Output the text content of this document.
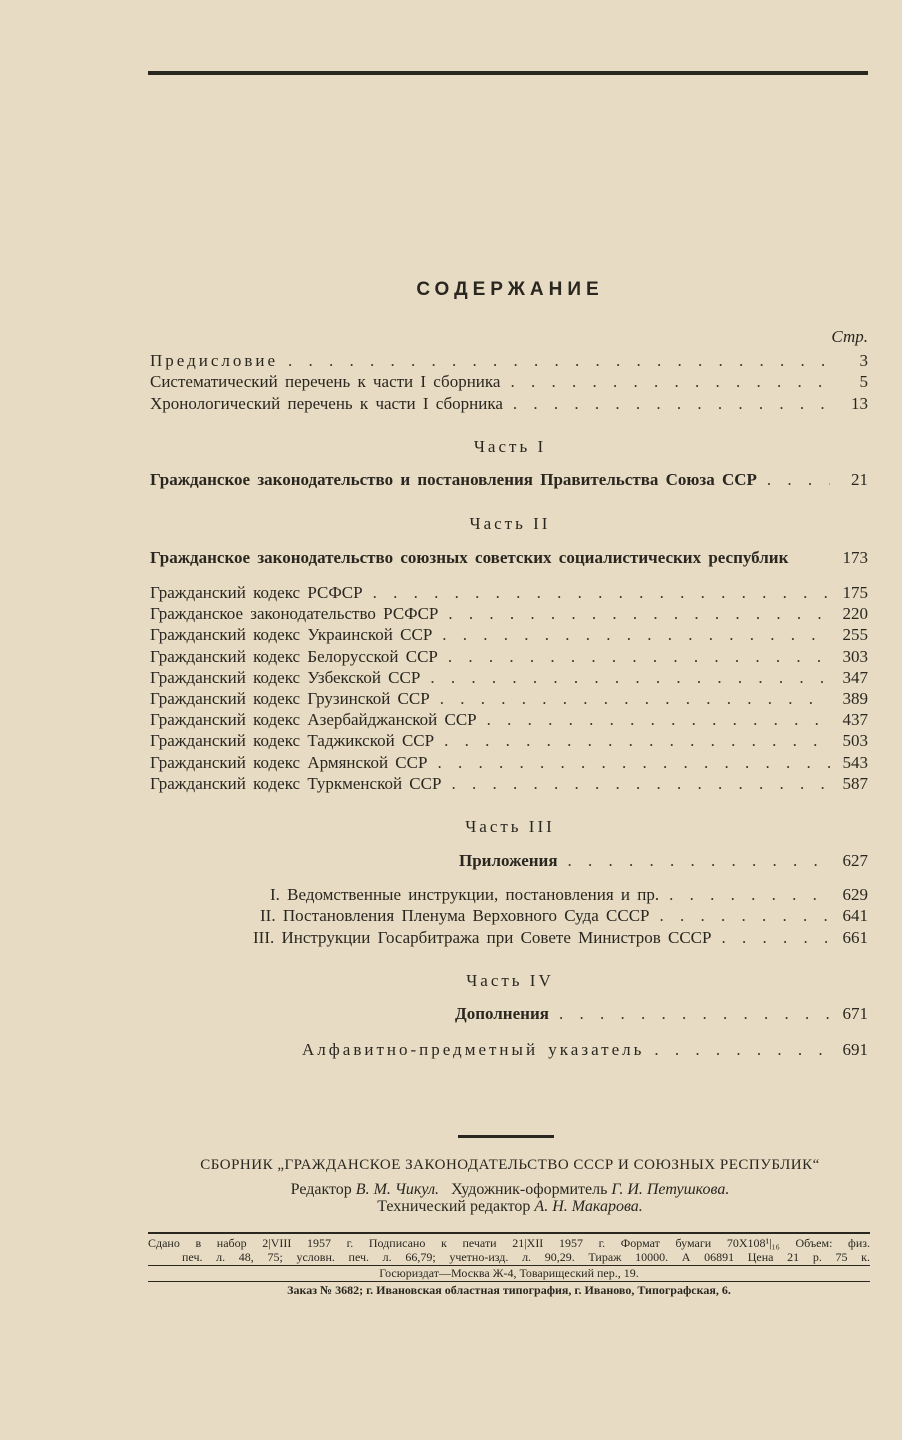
СОДЕРЖАНИЕ
Стр.
Предисловие . . .	3
Систематический перечень к части I сборника . . .	5
Хронологический перечень к части I сборника . . .	13
Часть I
Гражданское законодательство и постановления Правительства Союза ССР . . .	21
Часть II
Гражданское законодательство союзных советских социалистических республик	173
Гражданский кодекс РСФСР . . .	175
Гражданское законодательство РСФСР . . .	220
Гражданский кодекс Украинской ССР . . .	255
Гражданский кодекс Белорусской ССР . . .	303
Гражданский кодекс Узбекской ССР . . .	347
Гражданский кодекс Грузинской ССР . . .	389
Гражданский кодекс Азербайджанской ССР . . .	437
Гражданский кодекс Таджикской ССР . . .	503
Гражданский кодекс Армянской ССР . . .	543
Гражданский кодекс Туркменской ССР . . .	587
Часть III
Приложения . . .	627
I. Ведомственные инструкции, постановления и пр. . . .	629
II. Постановления Пленума Верховного Суда СССР . . .	641
III. Инструкции Госарбитража при Совете Министров СССР . . .	661
Часть IV
Дополнения . . .	671
Алфавитно-предметный указатель . . .	691
СБОРНИК „ГРАЖДАНСКОЕ ЗАКОНОДАТЕЛЬСТВО СССР И СОЮЗНЫХ РЕСПУБЛИК“
Редактор В. М. Чикул. Художник-оформитель Г. И. Петушкова.
Технический редактор А. Н. Макарова.
Сдано в набор 2|VIII 1957 г. Подписано к печати 21|XII 1957 г. Формат бумаги 70Х108¹|₁₆ Объем: физ.
печ. л. 48, 75; условн. печ. л. 66,79; учетно-изд. л. 90,29. Тираж 10000. А 06891 Цена 21 р. 75 к.
Госюриздат—Москва Ж-4, Товарищеский пер., 19.
Заказ № 3682; г. Ивановская областная типография, г. Иваново, Типографская, 6.
